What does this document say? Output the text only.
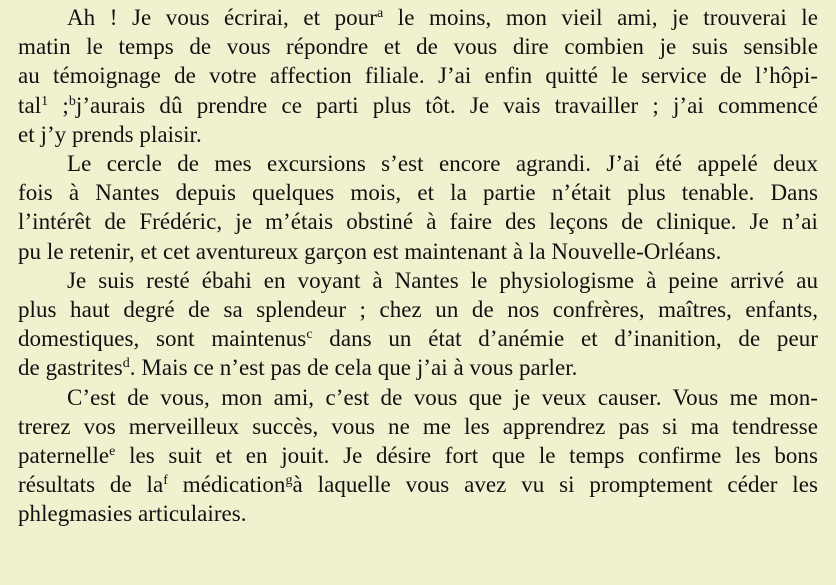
Ah ! Je vous écrirai, et pour$^a$ le moins, mon vieil ami, je trouverai le
matin le temps de vous répondre et de vous dire combien je suis sensible
au témoignage de votre affection filiale. J’ai enfin quitté le service de l’hôpi-
tal$^1$ ;$^b$j’aurais dû prendre ce parti plus tôt. Je vais travailler ; j’ai commencé
et j’y prends plaisir.

Le cercle de mes excursions s’est encore agrandi. J’ai été appelé deux
fois à Nantes depuis quelques mois, et la partie n’était plus tenable. Dans
l’intérêt de Frédéric, je m’étais obstiné à faire des leçons de clinique. Je n’ai
pu le retenir, et cet aventureux garçon est maintenant à la Nouvelle-Orléans.

Je suis resté ébahi en voyant à Nantes le physiologisme à peine arrivé au
plus haut degré de sa splendeur ; chez un de nos confrères, maîtres, enfants,
domestiques, sont maintenus$^c$ dans un état d’anémie et d’inanition, de peur
de gastrites$^d$. Mais ce n’est pas de cela que j’ai à vous parler.

C’est de vous, mon ami, c’est de vous que je veux causer. Vous me mon-
trerez vos merveilleux succès, vous ne me les apprendrez pas si ma tendresse
paternelle$^e$ les suit et en jouit. Je désire fort que le temps confirme les bons
résultats de $la^f$ médication$^g$à laquelle vous avez vu si promptement céder les
phlegmasies articulaires.
